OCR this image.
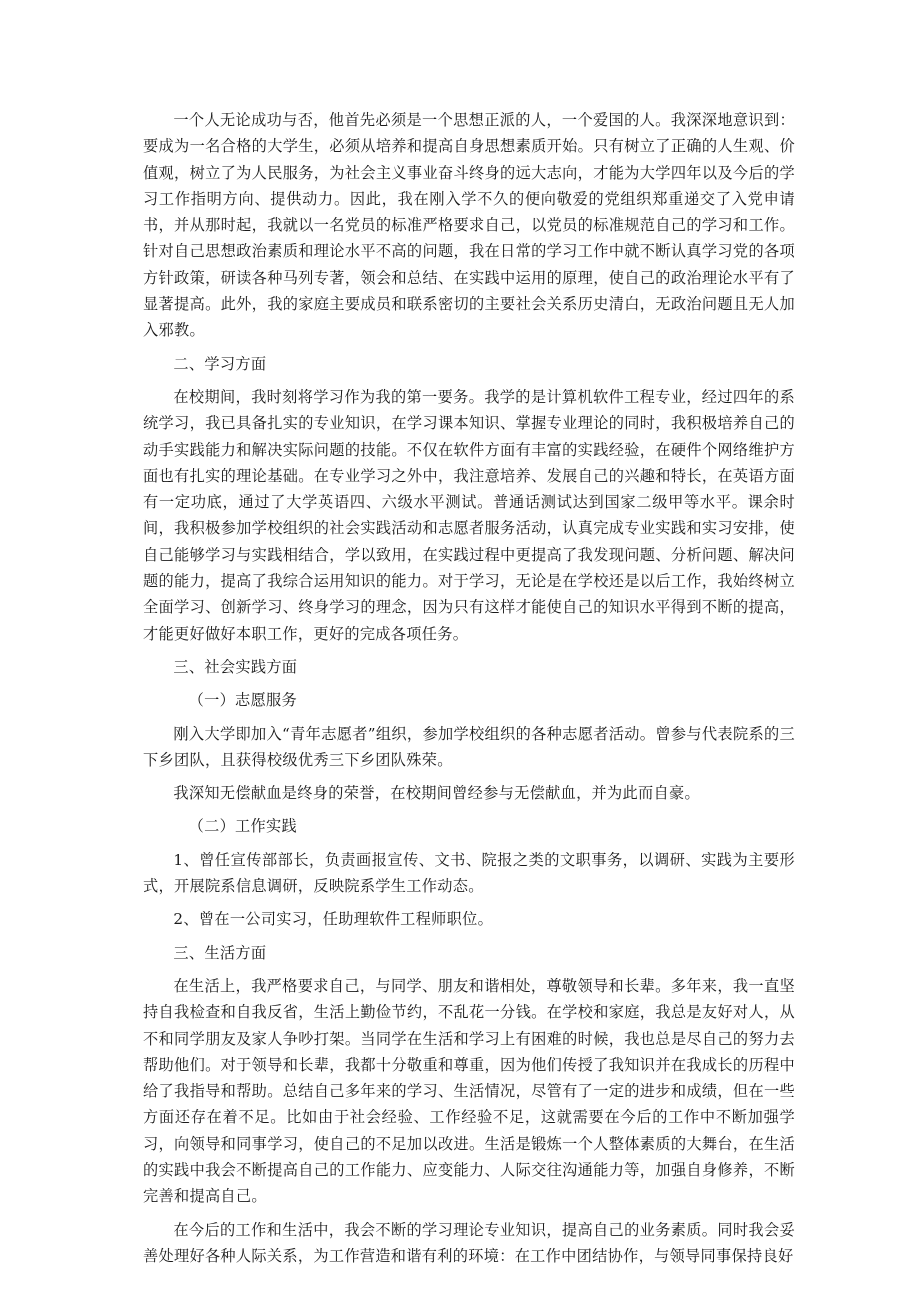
一个人无论成功与否，他首先必须是一个思想正派的人，一个爱国的人。我深深地意识到：要成为一名合格的大学生，必须从培养和提高自身思想素质开始。只有树立了正确的人生观、价值观，树立了为人民服务，为社会主义事业奋斗终身的远大志向，才能为大学四年以及今后的学习工作指明方向、提供动力。因此，我在刚入学不久的便向敬爱的党组织郑重递交了入党申请书，并从那时起，我就以一名党员的标准严格要求自己，以党员的标准规范自己的学习和工作。针对自己思想政治素质和理论水平不高的问题，我在日常的学习工作中就不断认真学习党的各项方针政策，研读各种马列专著，领会和总结、在实践中运用的原理，使自己的政治理论水平有了显著提高。此外，我的家庭主要成员和联系密切的主要社会关系历史清白，无政治问题且无人加入邪教。

二、学习方面

在校期间，我时刻将学习作为我的第一要务。我学的是计算机软件工程专业，经过四年的系统学习，我已具备扎实的专业知识，在学习课本知识、掌握专业理论的同时，我积极培养自己的动手实践能力和解决实际问题的技能。不仅在软件方面有丰富的实践经验，在硬件个网络维护方面也有扎实的理论基础。在专业学习之外中，我注意培养、发展自己的兴趣和特长，在英语方面有一定功底，通过了大学英语四、六级水平测试。普通话测试达到国家二级甲等水平。课余时间，我积极参加学校组织的社会实践活动和志愿者服务活动，认真完成专业实践和实习安排，使自己能够学习与实践相结合，学以致用，在实践过程中更提高了我发现问题、分析问题、解决问题的能力，提高了我综合运用知识的能力。对于学习，无论是在学校还是以后工作，我始终树立全面学习、创新学习、终身学习的理念，因为只有这样才能使自己的知识水平得到不断的提高，才能更好做好本职工作，更好的完成各项任务。

三、社会实践方面

（一）志愿服务

刚入大学即加入“青年志愿者”组织，参加学校组织的各种志愿者活动。曾参与代表院系的三下乡团队，且获得校级优秀三下乡团队殊荣。

我深知无偿献血是终身的荣誉，在校期间曾经参与无偿献血，并为此而自豪。

（二）工作实践

1、曾任宣传部部长，负责画报宣传、文书、院报之类的文职事务，以调研、实践为主要形式，开展院系信息调研，反映院系学生工作动态。

2、曾在一公司实习，任助理软件工程师职位。

三、生活方面

在生活上，我严格要求自己，与同学、朋友和谐相处，尊敬领导和长辈。多年来，我一直坚持自我检查和自我反省，生活上勤俭节约，不乱花一分钱。在学校和家庭，我总是友好对人，从不和同学朋友及家人争吵打架。当同学在生活和学习上有困难的时候，我也总是尽自己的努力去帮助他们。对于领导和长辈，我都十分敬重和尊重，因为他们传授了我知识并在我成长的历程中给了我指导和帮助。总结自己多年来的学习、生活情况，尽管有了一定的进步和成绩，但在一些方面还存在着不足。比如由于社会经验、工作经验不足，这就需要在今后的工作中不断加强学习，向领导和同事学习，使自己的不足加以改进。生活是锻炼一个人整体素质的大舞台，在生活的实践中我会不断提高自己的工作能力、应变能力、人际交往沟通能力等，加强自身修养，不断完善和提高自己。

在今后的工作和生活中，我会不断的学习理论专业知识，提高自己的业务素质。同时我会妥善处理好各种人际关系，为工作营造和谐有利的环境：在工作中团结协作，与领导同事保持良好
